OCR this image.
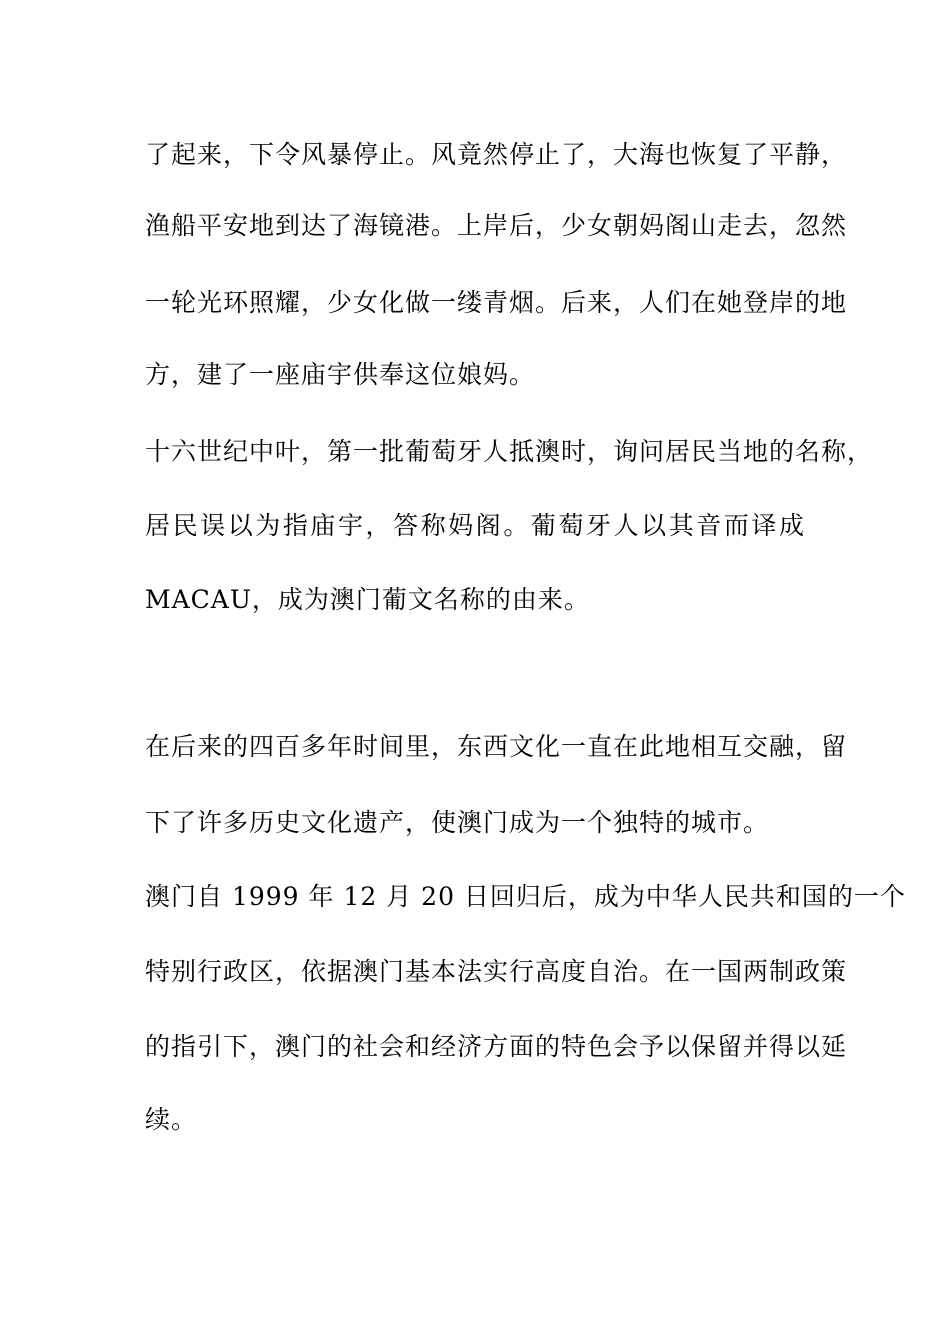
了起来，下令风暴停止。风竟然停止了，大海也恢复了平静，
渔船平安地到达了海镜港。上岸后，少女朝妈阁山走去，忽然
一轮光环照耀，少女化做一缕青烟。后来，人们在她登岸的地
方，建了一座庙宇供奉这位娘妈。
十六世纪中叶，第一批葡萄牙人抵澳时，询问居民当地的名称，
居民误以为指庙宇，答称妈阁。葡萄牙人以其音而译成
MACAU，成为澳门葡文名称的由来。
在后来的四百多年时间里，东西文化一直在此地相互交融，留
下了许多历史文化遗产，使澳门成为一个独特的城市。
澳门自 1999 年 12 月 20 日回归后，成为中华人民共和国的一个
特别行政区，依据澳门基本法实行高度自治。在一国两制政策
的指引下，澳门的社会和经济方面的特色会予以保留并得以延
续。
